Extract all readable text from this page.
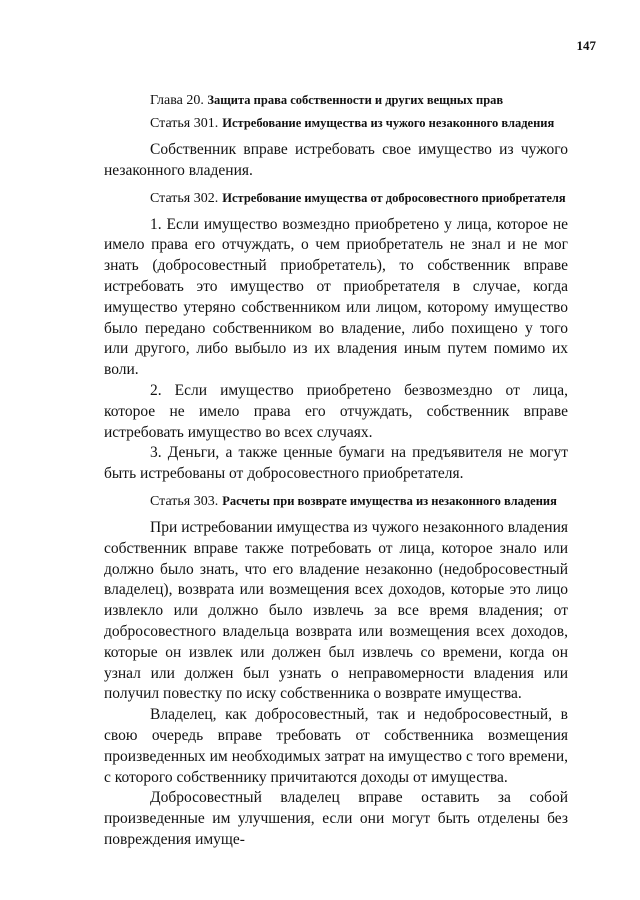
147

Глава 20. Защита права собственности и других вещных прав

Статья 301. Истребование имущества из чужого незаконного владения

Собственник вправе истребовать свое имущество из чужого незаконного владения.

Статья 302. Истребование имущества от добросовестного приобретателя

1. Если имущество возмездно приобретено у лица, которое не имело права его отчуждать, о чем приобретатель не знал и не мог знать (добросовестный приобретатель), то собственник вправе истребовать это имущество от приобретателя в случае, когда имущество утеряно собственником или лицом, которому имущество было передано собственником во владение, либо похищено у того или другого, либо выбыло из их владения иным путем помимо их воли.

2. Если имущество приобретено безвозмездно от лица, которое не имело права его отчуждать, собственник вправе истребовать имущество во всех случаях.

3. Деньги, а также ценные бумаги на предъявителя не могут быть истребованы от добросовестного приобретателя.

Статья 303. Расчеты при возврате имущества из незаконного владения

При истребовании имущества из чужого незаконного владения собственник вправе также потребовать от лица, которое знало или должно было знать, что его владение незаконно (недобросовестный владелец), возврата или возмещения всех доходов, которые это лицо извлекло или должно было извлечь за все время владения; от добросовестного владельца возврата или возмещения всех доходов, которые он извлек или должен был извлечь со времени, когда он узнал или должен был узнать о неправомерности владения или получил повестку по иску собственника о возврате имущества.

Владелец, как добросовестный, так и недобросовестный, в свою очередь вправе требовать от собственника возмещения произведенных им необходимых затрат на имущество с того времени, с которого собственнику причитаются доходы от имущества.

Добросовестный владелец вправе оставить за собой произведенные им улучшения, если они могут быть отделены без повреждения имуще-
